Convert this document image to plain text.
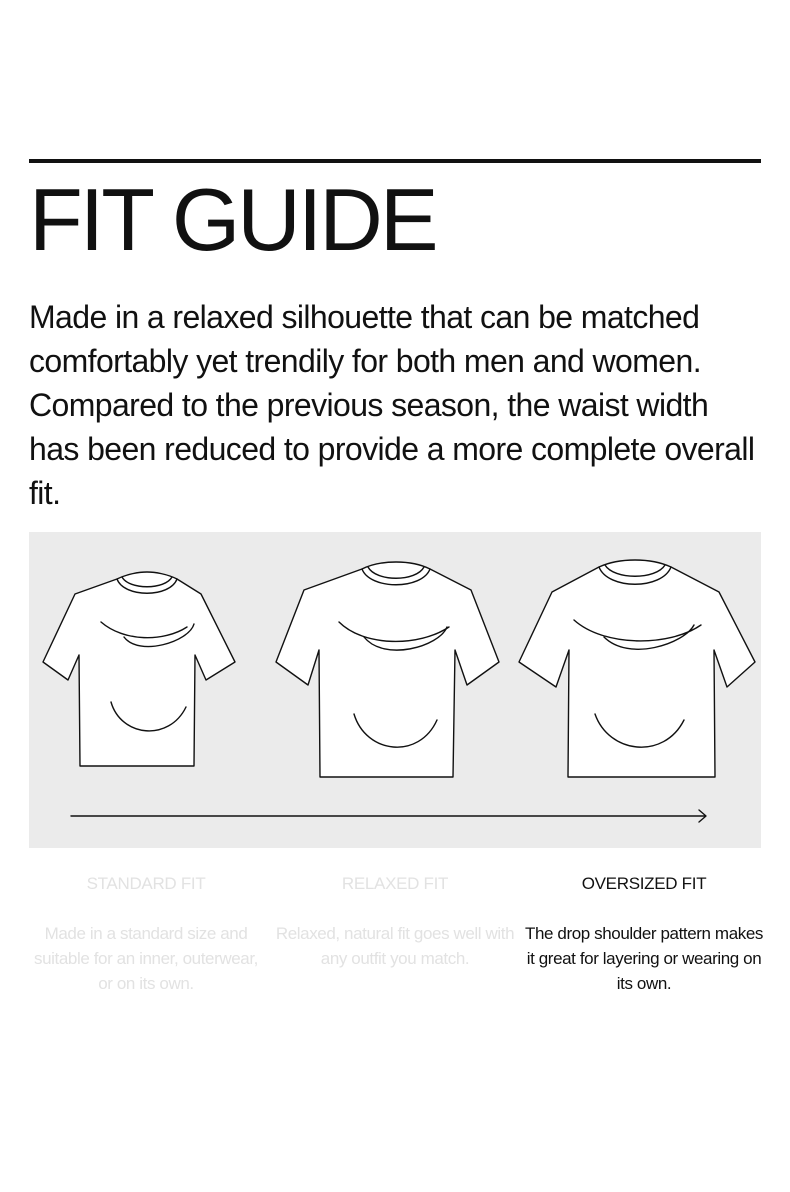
FIT GUIDE

Made in a relaxed silhouette that can be matched comfortably yet trendily for both men and women. Compared to the previous season, the waist width has been reduced to provide a more complete overall fit.

STANDARD FIT

Made in a standard size and suitable for an inner, outerwear, or on its own.

RELAXED FIT

Relaxed, natural fit goes well with any outfit you match.

OVERSIZED FIT

The drop shoulder pattern makes it great for layering or wearing on its own.
